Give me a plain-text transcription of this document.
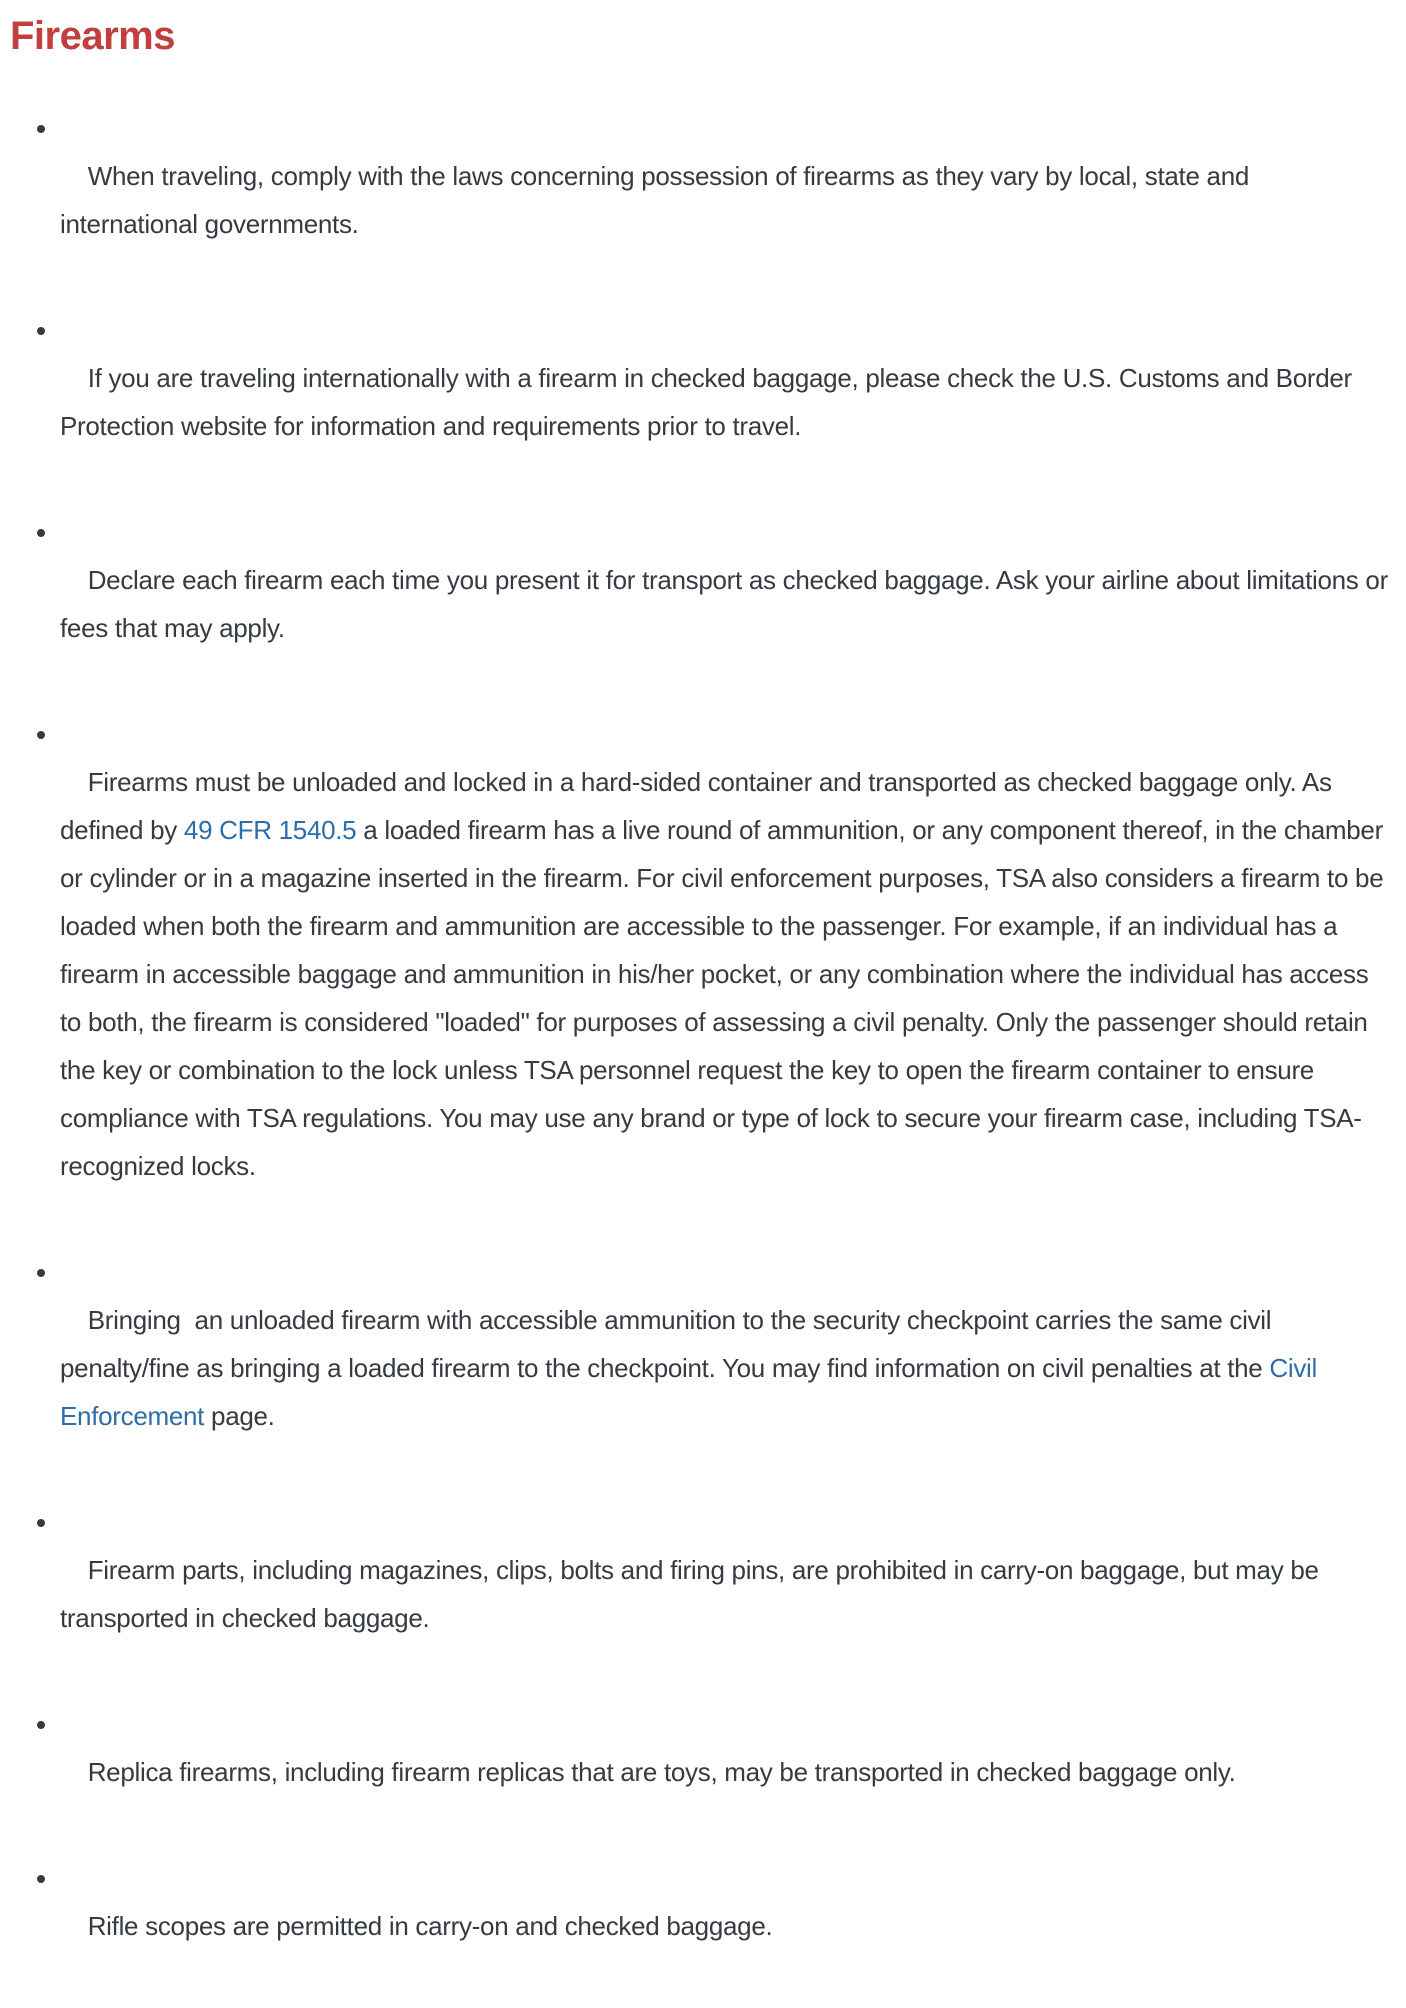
Firearms

• When traveling, comply with the laws concerning possession of firearms as they vary by local, state and international governments.

• If you are traveling internationally with a firearm in checked baggage, please check the U.S. Customs and Border Protection website for information and requirements prior to travel.

• Declare each firearm each time you present it for transport as checked baggage. Ask your airline about limitations or fees that may apply.

• Firearms must be unloaded and locked in a hard-sided container and transported as checked baggage only. As defined by 49 CFR 1540.5 a loaded firearm has a live round of ammunition, or any component thereof, in the chamber or cylinder or in a magazine inserted in the firearm. For civil enforcement purposes, TSA also considers a firearm to be loaded when both the firearm and ammunition are accessible to the passenger. For example, if an individual has a firearm in accessible baggage and ammunition in his/her pocket, or any combination where the individual has access to both, the firearm is considered "loaded" for purposes of assessing a civil penalty. Only the passenger should retain the key or combination to the lock unless TSA personnel request the key to open the firearm container to ensure compliance with TSA regulations. You may use any brand or type of lock to secure your firearm case, including TSA-recognized locks.

• Bringing  an unloaded firearm with accessible ammunition to the security checkpoint carries the same civil penalty/fine as bringing a loaded firearm to the checkpoint. You may find information on civil penalties at the Civil Enforcement page.

• Firearm parts, including magazines, clips, bolts and firing pins, are prohibited in carry-on baggage, but may be transported in checked baggage.

• Replica firearms, including firearm replicas that are toys, may be transported in checked baggage only.

• Rifle scopes are permitted in carry-on and checked baggage.
